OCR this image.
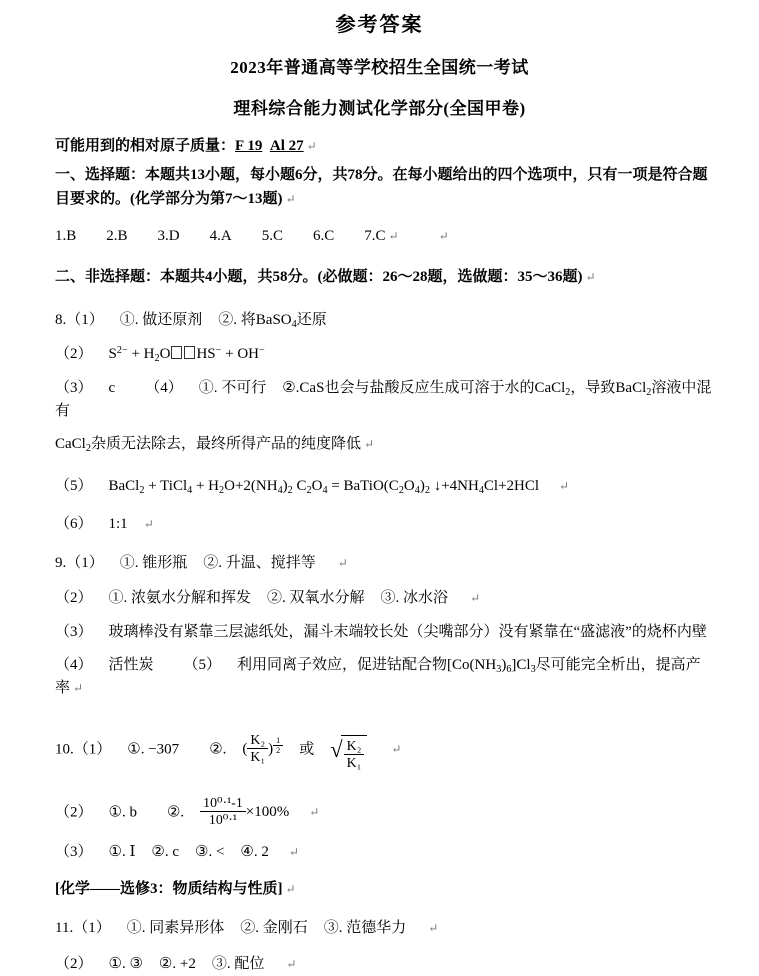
参考答案
2023年普通高等学校招生全国统一考试
理科综合能力测试化学部分(全国甲卷)

可能用到的相对原子质量：F 19 Al 27 ↵

一、选择题：本题共13小题，每小题6分，共78分。在每小题给出的四个选项中，只有一项是符合题目要求的。(化学部分为第7～13题) ↵

1.B 2.B 3.D 4.A 5.C 6.C 7.C ↵	↵

二、非选择题：本题共4小题，共58分。(必做题：26～28题，选做题：35～36题) ↵

8.（1） ①. 做还原剂 ②. 将BaSO$_4$还原

（2） $S^{2-} + H_2O$ HS− + OH−

（3） c （4） ①. 不可行 ②.CaS也会与盐酸反应生成可溶于水的CaCl$_2$，导致BaCl$_2$溶液中混有

CaCl$_2$杂质无法除去，最终所得产品的纯度降低 ↵

（5） BaCl$_2$ + TiCl$_4$ + $H_2O+2(NH_4)_2$ $C_2O_4$ = $BaTiO(C_2O_4)_2$ $↓+4NH_4Cl+2HCl$ ↵

（6） 1:1 ↵

9.（1） ①. 锥形瓶 ②. 升温、搅拌等 ↵

（2） ①. 浓氨水分解和挥发 ②. 双氧水分解 ③. 冰水浴 ↵

（3） 玻璃棒没有紧靠三层滤纸处，漏斗末端较长处（尖嘴部分）没有紧靠在“盛滤液”的烧杯内壁

（4） 活性炭 （5） 利用同离子效应，促进钴配合物$[Co(NH_3)_6]Cl_3$尽可能完全析出，提高产率 ↵

10.（1） ①. −307 ②. ( $\frac{\text{K₂}}{\text{K₁}}$ ) $^{\frac{1}{2}}$ 或 √ $\frac{\text{K₂}}{\text{K₁}}$ ↵

（2） ①. b ②. $\frac{\text{10⁰·¹-1}}{\text{10⁰·¹}} \times 100\%$ ↵

（3） ①. Ⅰ ②. c ③. < ④. 2 ↵

[化学——选修3：物质结构与性质] ↵

11.（1） ①. 同素异形体 ②. 金刚石 ③. 范德华力 ↵

（2） ①. ③ ②. +2 ③. 配位 ↵
